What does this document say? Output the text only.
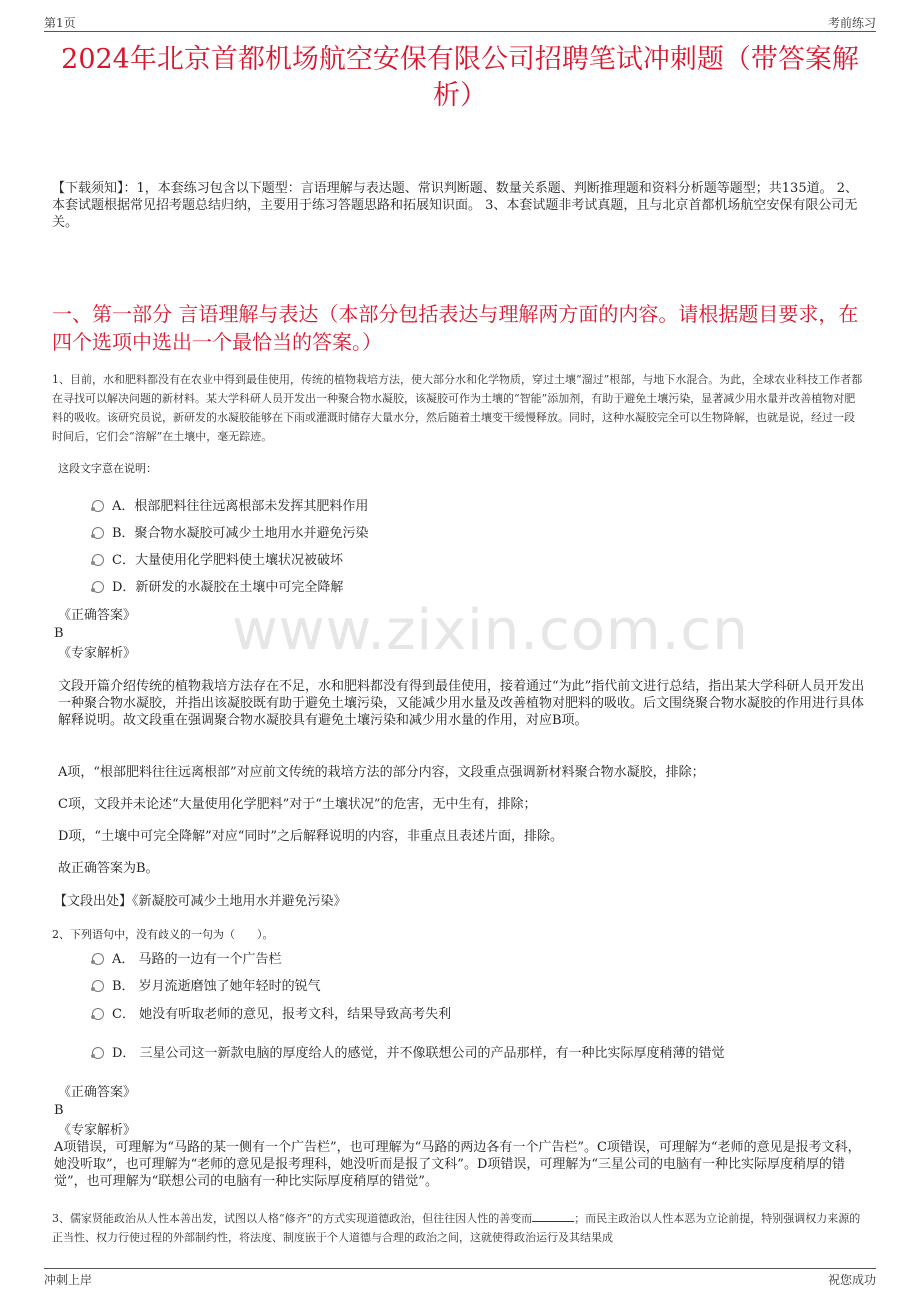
第1页	考前练习
2024年北京首都机场航空安保有限公司招聘笔试冲刺题（带答案解析）
【下载须知】：1，本套练习包含以下题型：言语理解与表达题、常识判断题、数量关系题、判断推理题和资料分析题等题型；共135道。 2、本套试题根据常见招考题总结归纳，主要用于练习答题思路和拓展知识面。 3、本套试题非考试真题，且与北京首都机场航空安保有限公司无关。
一、第一部分 言语理解与表达（本部分包括表达与理解两方面的内容。请根据题目要求，在四个选项中选出一个最恰当的答案。）
1、目前，水和肥料都没有在农业中得到最佳使用，传统的植物栽培方法，使大部分水和化学物质，穿过土壤“溜过”根部，与地下水混合。为此，全球农业科技工作者都在寻找可以解决问题的新材料。某大学科研人员开发出一种聚合物水凝胶，该凝胶可作为土壤的“智能”添加剂，有助于避免土壤污染，显著减少用水量并改善植物对肥料的吸收。该研究员说，新研发的水凝胶能够在下雨或灌溉时储存大量水分，然后随着土壤变干缓慢释放。同时，这种水凝胶完全可以生物降解，也就是说，经过一段时间后，它们会“溶解”在土壤中，毫无踪迹。
这段文字意在说明：
A．根部肥料往往远离根部未发挥其肥料作用
B．聚合物水凝胶可减少土地用水并避免污染
C．大量使用化学肥料使土壤状况被破坏
D．新研发的水凝胶在土壤中可完全降解
《正确答案》
B
《专家解析》
文段开篇介绍传统的植物栽培方法存在不足，水和肥料都没有得到最佳使用，接着通过“为此”指代前文进行总结，指出某大学科研人员开发出一种聚合物水凝胶，并指出该凝胶既有助于避免土壤污染，又能减少用水量及改善植物对肥料的吸收。后文围绕聚合物水凝胶的作用进行具体解释说明。故文段重在强调聚合物水凝胶具有避免土壤污染和减少用水量的作用，对应B项。
A项，“根部肥料往往远离根部”对应前文传统的栽培方法的部分内容，文段重点强调新材料聚合物水凝胶，排除；
C项，文段并未论述“大量使用化学肥料”对于“土壤状况”的危害，无中生有，排除；
D项，“土壤中可完全降解”对应“同时”之后解释说明的内容，非重点且表述片面，排除。
故正确答案为B。
【文段出处】《新凝胶可减少土地用水并避免污染》
www.zixin.com.cn
2、下列语句中，没有歧义的一句为（　　）。
A． 马路的一边有一个广告栏
B． 岁月流逝磨蚀了她年轻时的锐气
C． 她没有听取老师的意见，报考文科，结果导致高考失利
D． 三星公司这一新款电脑的厚度给人的感觉，并不像联想公司的产品那样，有一种比实际厚度稍薄的错觉
《正确答案》
B
《专家解析》
A项错误，可理解为“马路的某一侧有一个广告栏”，也可理解为“马路的两边各有一个广告栏”。C项错误，可理解为“老师的意见是报考文科，她没听取”，也可理解为“老师的意见是报考理科，她没听而是报了文科”。D项错误，可理解为“三星公司的电脑有一种比实际厚度稍厚的错觉”，也可理解为“联想公司的电脑有一种比实际厚度稍厚的错觉”。
3、儒家贤能政治从人性本善出发，试图以人格“修齐”的方式实现道德政治，但往往因人性的善变而	；而民主政治以人性本恶为立论前提，特别强调权力来源的正当性、权力行使过程的外部制约性，将法度、制度嵌于个人道德与合理的政治之间，这就使得政治运行及其结果成
冲刺上岸	祝您成功
